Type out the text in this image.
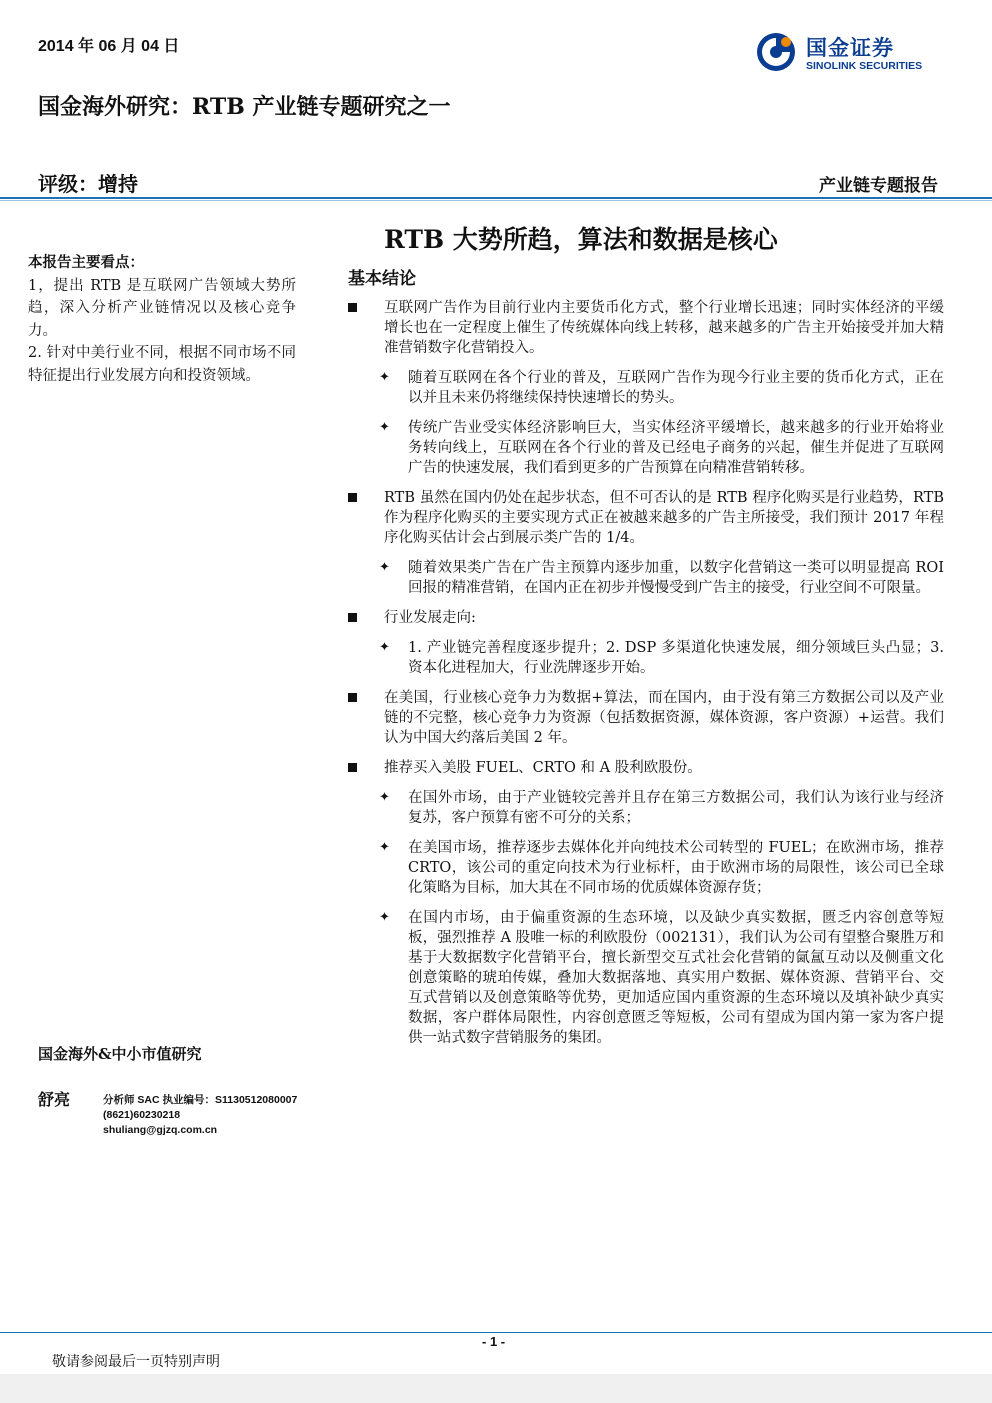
2014 年 06 月 04 日	国金证券
SINOLINK SECURITIES
国金海外研究：RTB 产业链专题研究之一
评级：增持	产业链专题报告

本报告主要看点：

1，提出 RTB 是互联网广告领域大势所趋，深入分析产业链情况以及核心竞争力。

2. 针对中美行业不同，根据不同市场不同特征提出行业发展方向和投资领域。

国金海外&中小市值研究
舒亮	分析师 SAC 执业编号：S1130512080007
(8621)60230218
shuliang@gjzq.com.cn
RTB 大势所趋，算法和数据是核心
基本结论
互联网广告作为目前行业内主要货币化方式，整个行业增长迅速；同时实体经济的平缓增长也在一定程度上催生了传统媒体向线上转移，越来越多的广告主开始接受并加大精准营销数字化营销投入。
✦ 随着互联网在各个行业的普及，互联网广告作为现今行业主要的货币化方式，正在以并且未来仍将继续保持快速增长的势头。
✦ 传统广告业受实体经济影响巨大，当实体经济平缓增长，越来越多的行业开始将业务转向线上，互联网在各个行业的普及已经电子商务的兴起，催生并促进了互联网广告的快速发展，我们看到更多的广告预算在向精准营销转移。
RTB 虽然在国内仍处在起步状态，但不可否认的是 RTB 程序化购买是行业趋势，RTB 作为程序化购买的主要实现方式正在被越来越多的广告主所接受，我们预计 2017 年程序化购买估计会占到展示类广告的 1/4。
✦ 随着效果类广告在广告主预算内逐步加重，以数字化营销这一类可以明显提高 ROI 回报的精准营销，在国内正在初步并慢慢受到广告主的接受，行业空间不可限量。
行业发展走向:
✦ 1. 产业链完善程度逐步提升；2. DSP 多渠道化快速发展，细分领域巨头凸显；3. 资本化进程加大，行业洗牌逐步开始。
在美国，行业核心竞争力为数据+算法，而在国内，由于没有第三方数据公司以及产业链的不完整，核心竞争力为资源（包括数据资源，媒体资源，客户资源）+运营。我们认为中国大约落后美国 2 年。
推荐买入美股 FUEL、CRTO 和 A 股利欧股份。
✦ 在国外市场，由于产业链较完善并且存在第三方数据公司，我们认为该行业与经济复苏，客户预算有密不可分的关系；
✦ 在美国市场，推荐逐步去媒体化并向纯技术公司转型的 FUEL；在欧洲市场，推荐 CRTO，该公司的重定向技术为行业标杆，由于欧洲市场的局限性，该公司已全球化策略为目标，加大其在不同市场的优质媒体资源存货；
✦ 在国内市场，由于偏重资源的生态环境，以及缺少真实数据，匮乏内容创意等短板，强烈推荐 A 股唯一标的利欧股份（002131），我们认为公司有望整合聚胜万和基于大数据数字化营销平台，擅长新型交互式社会化营销的氤氲互动以及侧重文化创意策略的琥珀传媒，叠加大数据落地、真实用户数据、媒体资源、营销平台、交互式营销以及创意策略等优势，更加适应国内重资源的生态环境以及填补缺少真实数据，客户群体局限性，内容创意匮乏等短板，公司有望成为国内第一家为客户提供一站式数字营销服务的集团。
- 1 -
敬请参阅最后一页特别声明
